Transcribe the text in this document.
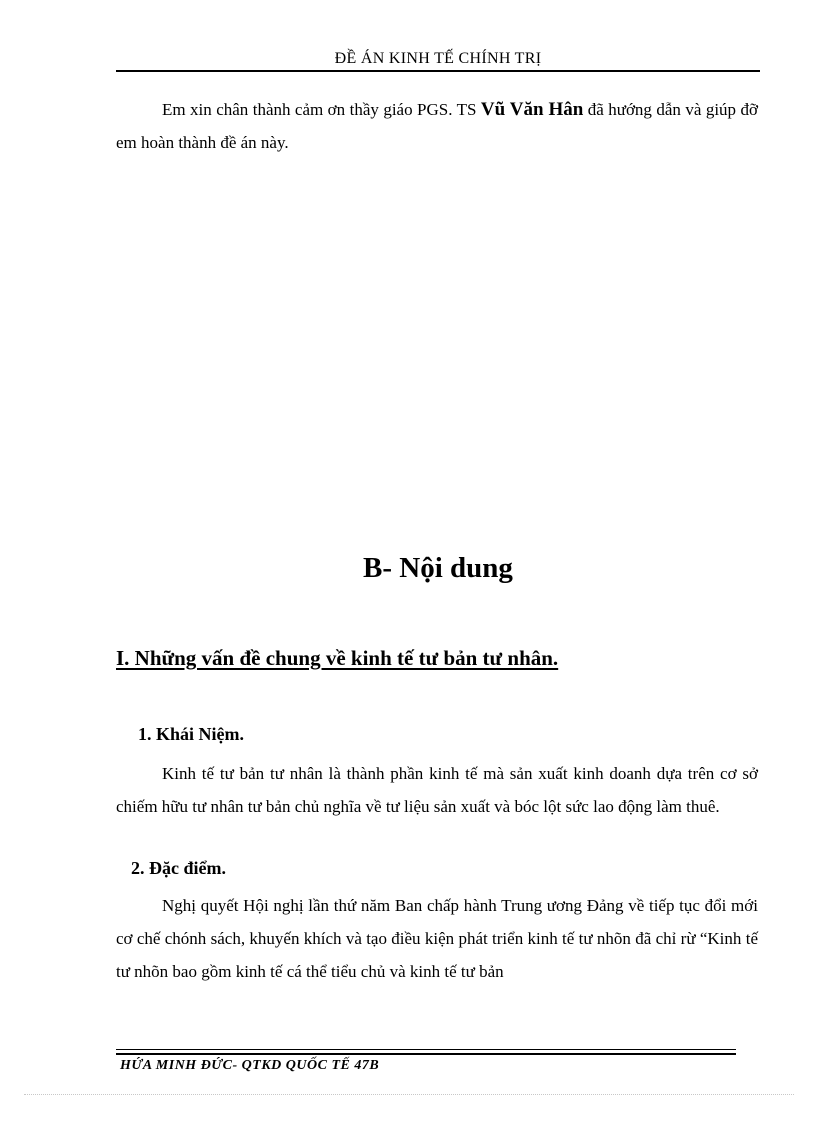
ĐỀ ÁN KINH TẾ CHÍNH TRỊ
Em xin chân thành cảm ơn thầy giáo PGS. TS Vũ Văn Hân đã hướng dẫn và giúp đỡ em hoàn thành đề án này.
B- Nội dung
I. Những vấn đề chung về kinh tế tư bản tư nhân.
1. Khái Niệm.
Kinh tế tư bản tư nhân là thành phần kinh tế mà sản xuất kinh doanh dựa trên cơ sở chiếm hữu tư nhân tư bản chủ nghĩa về tư liệu sản xuất và bóc lột sức lao động làm thuê.
2. Đặc điểm.
Nghị quyết Hội nghị lần thứ năm Ban chấp hành Trung ương Đảng về tiếp tục đổi mới cơ chế chónh sách, khuyến khích và tạo điều kiện phát triển kinh tế tư nhõn đã chỉ rừ “Kinh tế tư nhõn bao gồm kinh tế cá thể tiểu chủ và kinh tế tư bản
HỨA MINH ĐỨC- QTKD QUỐC TẾ 47B
